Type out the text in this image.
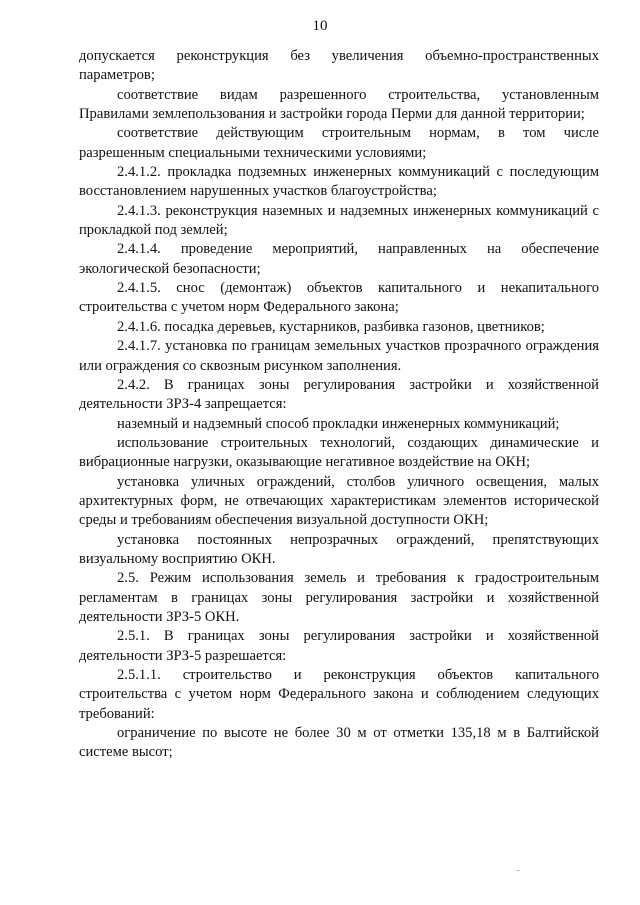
10

допускается реконструкция без увеличения объемно-пространственных параметров;

соответствие видам разрешенного строительства, установленным Правилами землепользования и застройки города Перми для данной территории;

соответствие действующим строительным нормам, в том числе разрешенным специальными техническими условиями;

2.4.1.2. прокладка подземных инженерных коммуникаций с последующим восстановлением нарушенных участков благоустройства;

2.4.1.3. реконструкция наземных и надземных инженерных коммуникаций с прокладкой под землей;

2.4.1.4. проведение мероприятий, направленных на обеспечение экологической безопасности;

2.4.1.5. снос (демонтаж) объектов капитального и некапитального строительства с учетом норм Федерального закона;

2.4.1.6. посадка деревьев, кустарников, разбивка газонов, цветников;

2.4.1.7. установка по границам земельных участков прозрачного ограждения или ограждения со сквозным рисунком заполнения.

2.4.2. В границах зоны регулирования застройки и хозяйственной деятельности ЗРЗ-4 запрещается:

наземный и надземный способ прокладки инженерных коммуникаций;

использование строительных технологий, создающих динамические и вибрационные нагрузки, оказывающие негативное воздействие на ОКН;

установка уличных ограждений, столбов уличного освещения, малых архитектурных форм, не отвечающих характеристикам элементов исторической среды и требованиям обеспечения визуальной доступности ОКН;

установка постоянных непрозрачных ограждений, препятствующих визуальному восприятию ОКН.

2.5. Режим использования земель и требования к градостроительным регламентам в границах зоны регулирования застройки и хозяйственной деятельности ЗРЗ-5 ОКН.

2.5.1. В границах зоны регулирования застройки и хозяйственной деятельности ЗРЗ-5 разрешается:

2.5.1.1. строительство и реконструкция объектов капитального строительства с учетом норм Федерального закона и соблюдением следующих требований:

ограничение по высоте не более 30 м от отметки 135,18 м в Балтийской системе высот;
